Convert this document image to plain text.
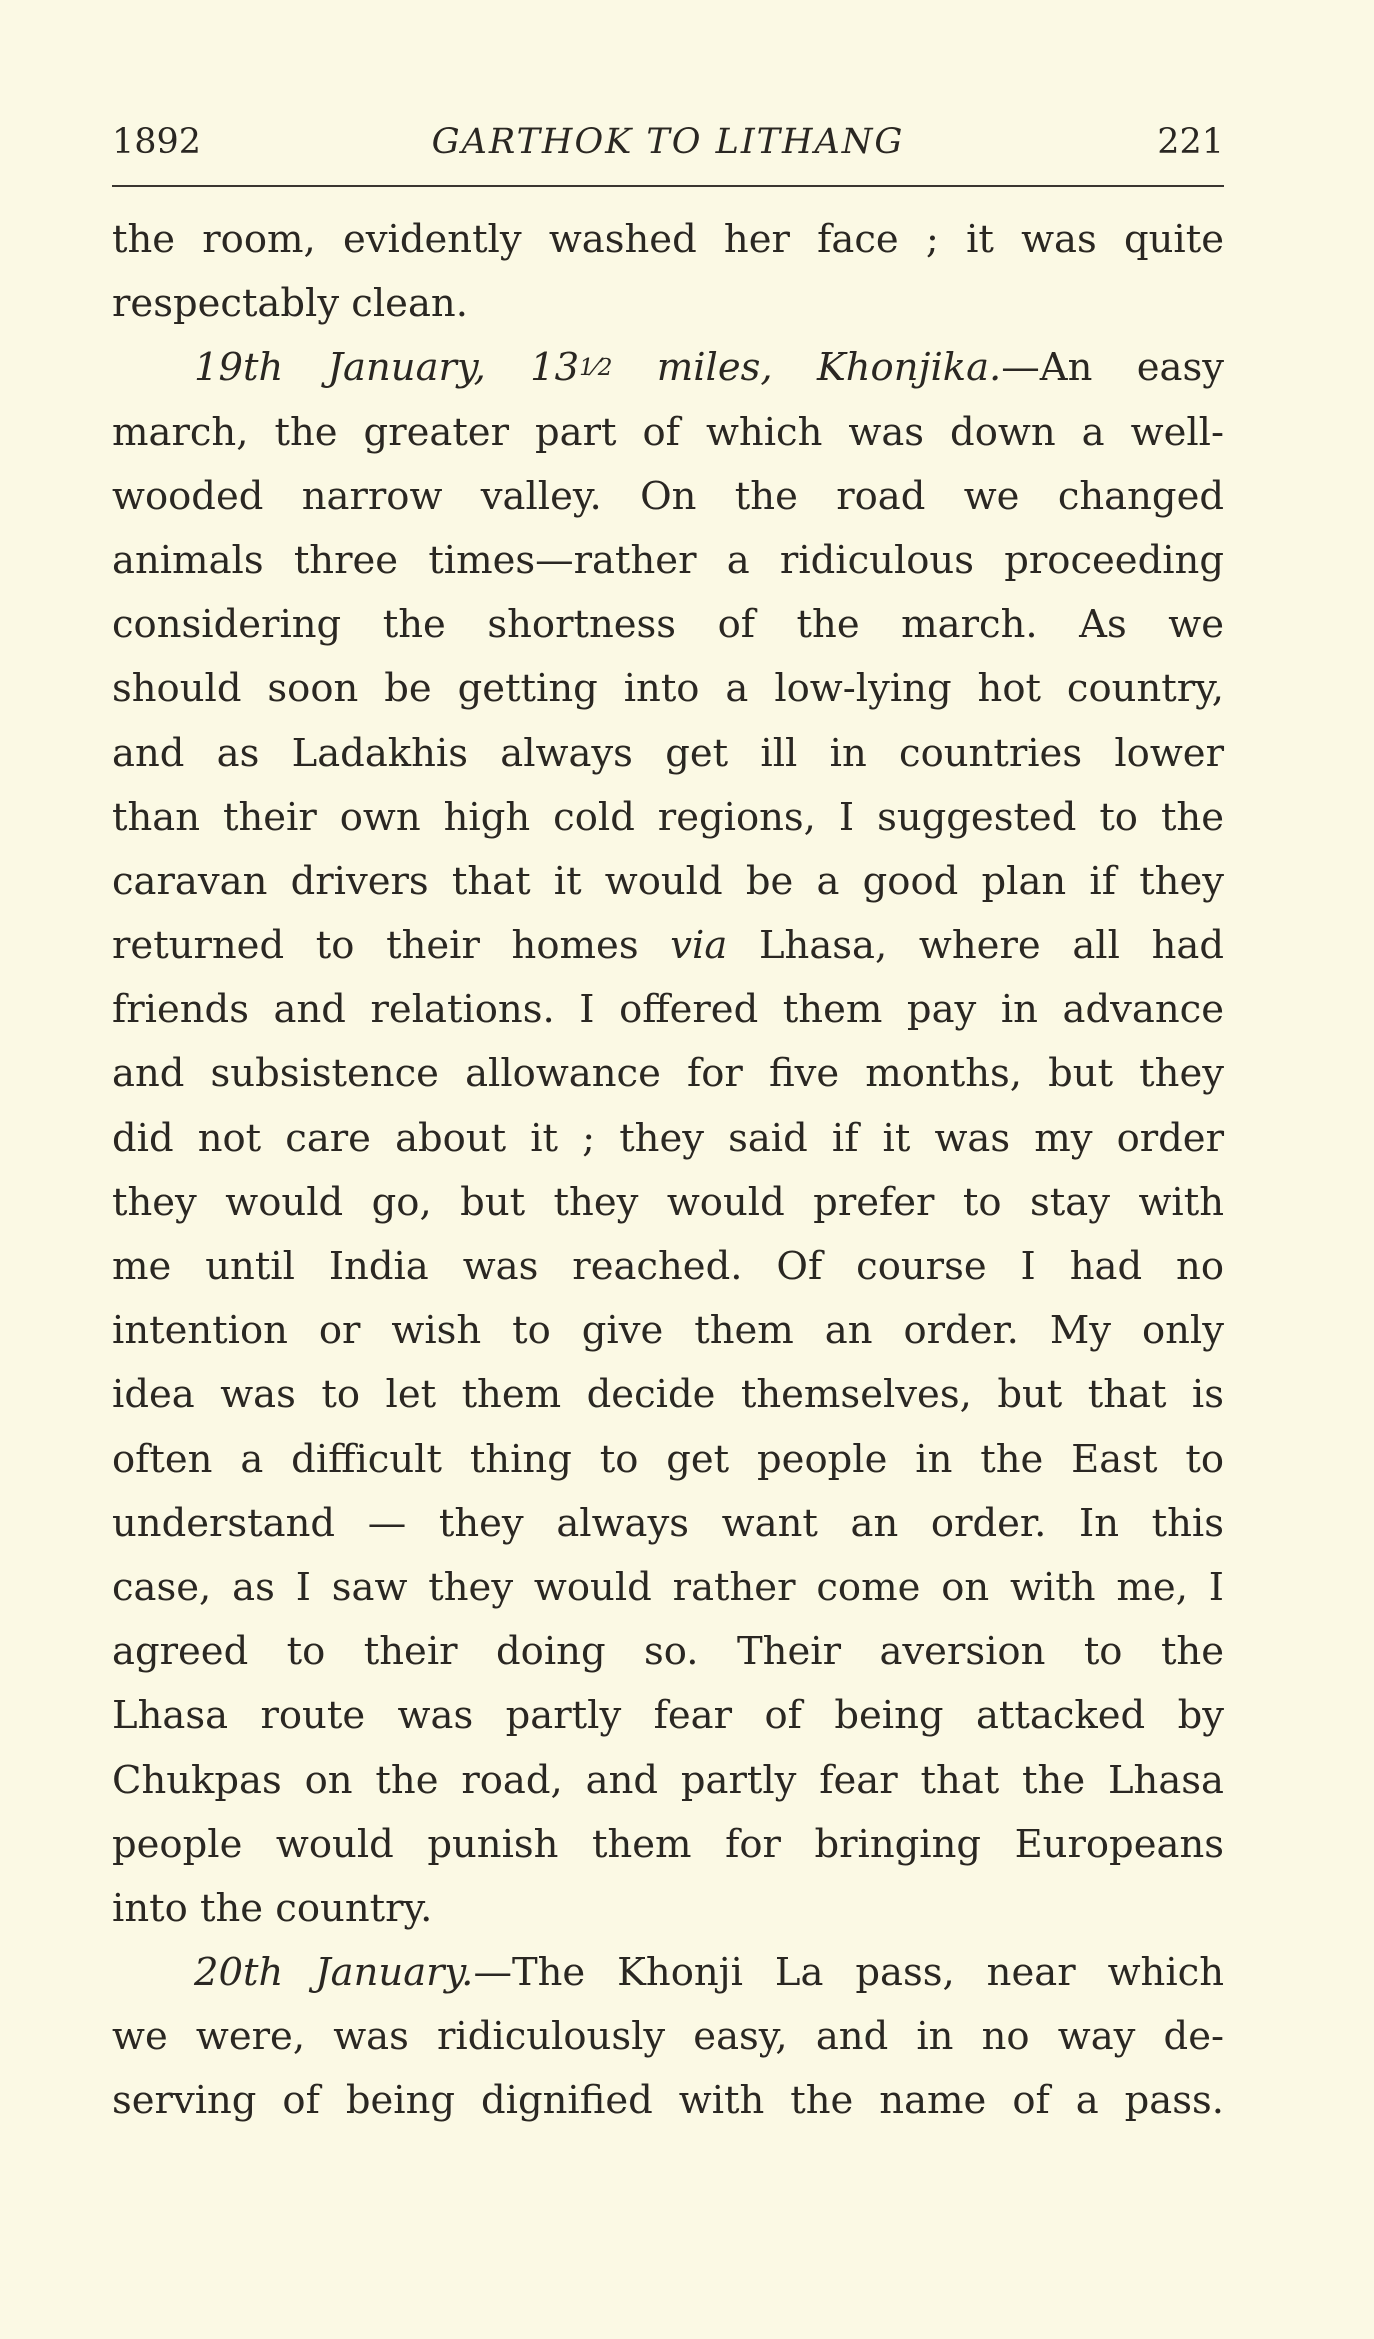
1892	GARTHOK TO LITHANG	221
the room, evidently washed her face ; it was quite
respectably clean.
19th January, 131⁄2 miles, Khonjika.—An easy
march, the greater part of which was down a well-
wooded narrow valley. On the road we changed
animals three times—rather a ridiculous proceeding
considering the shortness of the march. As we
should soon be getting into a low-lying hot country,
and as Ladakhis always get ill in countries lower
than their own high cold regions, I suggested to the
caravan drivers that it would be a good plan if they
returned to their homes via Lhasa, where all had
friends and relations. I offered them pay in advance
and subsistence allowance for five months, but they
did not care about it ; they said if it was my order
they would go, but they would prefer to stay with
me until India was reached. Of course I had no
intention or wish to give them an order. My only
idea was to let them decide themselves, but that is
often a difficult thing to get people in the East to
understand — they always want an order. In this
case, as I saw they would rather come on with me, I
agreed to their doing so. Their aversion to the
Lhasa route was partly fear of being attacked by
Chukpas on the road, and partly fear that the Lhasa
people would punish them for bringing Europeans
into the country.
20th January.—The Khonji La pass, near which
we were, was ridiculously easy, and in no way de-
serving of being dignified with the name of a pass.
